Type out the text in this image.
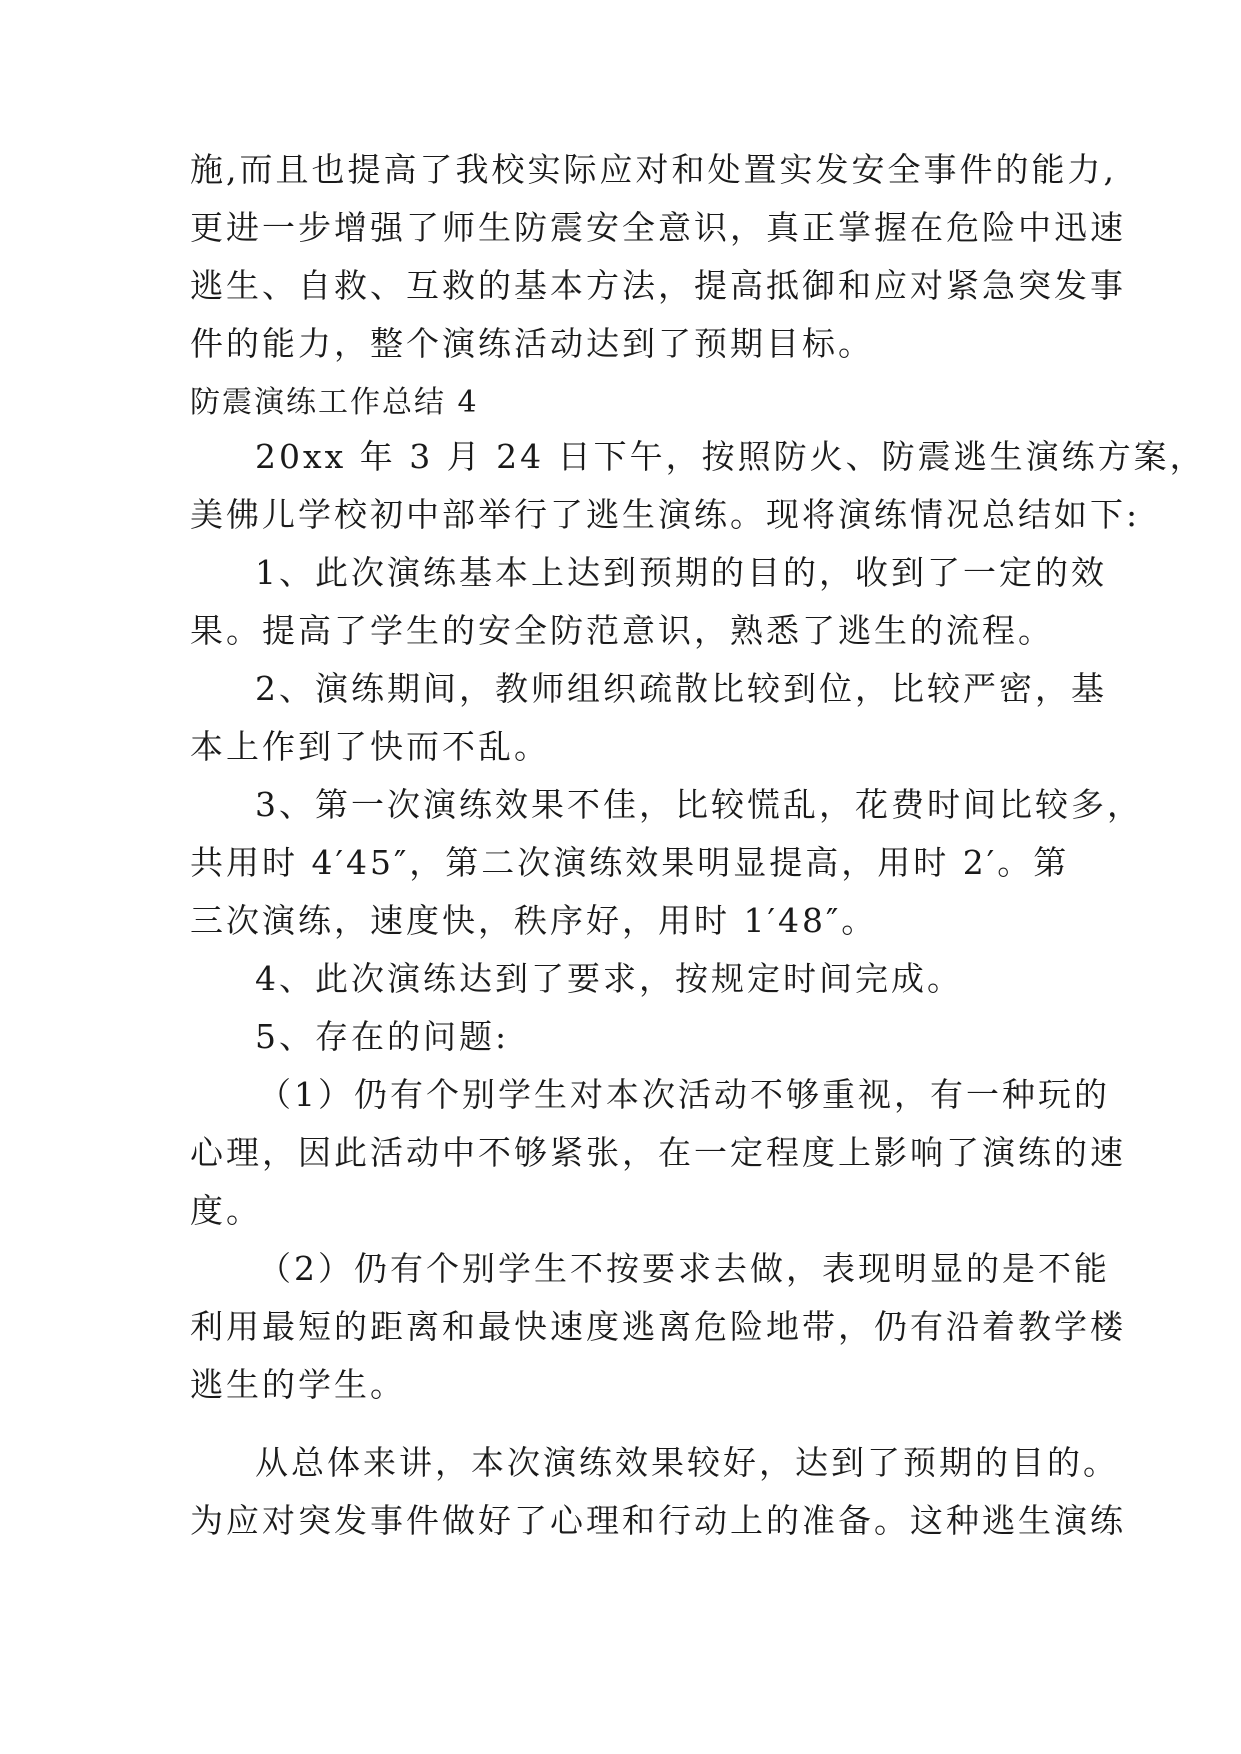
施,而且也提高了我校实际应对和处置实发安全事件的能力,
更进一步增强了师生防震安全意识，真正掌握在危险中迅速
逃生、自救、互救的基本方法，提高抵御和应对紧急突发事
件的能力，整个演练活动达到了预期目标。
防震演练工作总结 4
20xx 年 3 月 24 日下午，按照防火、防震逃生演练方案，
美佛儿学校初中部举行了逃生演练。现将演练情况总结如下:
1、此次演练基本上达到预期的目的，收到了一定的效
果。提高了学生的安全防范意识，熟悉了逃生的流程。
2、演练期间，教师组织疏散比较到位，比较严密，基
本上作到了快而不乱。
3、第一次演练效果不佳，比较慌乱，花费时间比较多，
共用时 4′45″，第二次演练效果明显提高，用时 2′。第
三次演练，速度快，秩序好，用时 1′48″。
4、此次演练达到了要求，按规定时间完成。
5、存在的问题:
（1）仍有个别学生对本次活动不够重视，有一种玩的
心理，因此活动中不够紧张，在一定程度上影响了演练的速
度。
（2）仍有个别学生不按要求去做，表现明显的是不能
利用最短的距离和最快速度逃离危险地带，仍有沿着教学楼
逃生的学生。
从总体来讲，本次演练效果较好，达到了预期的目的。
为应对突发事件做好了心理和行动上的准备。这种逃生演练
